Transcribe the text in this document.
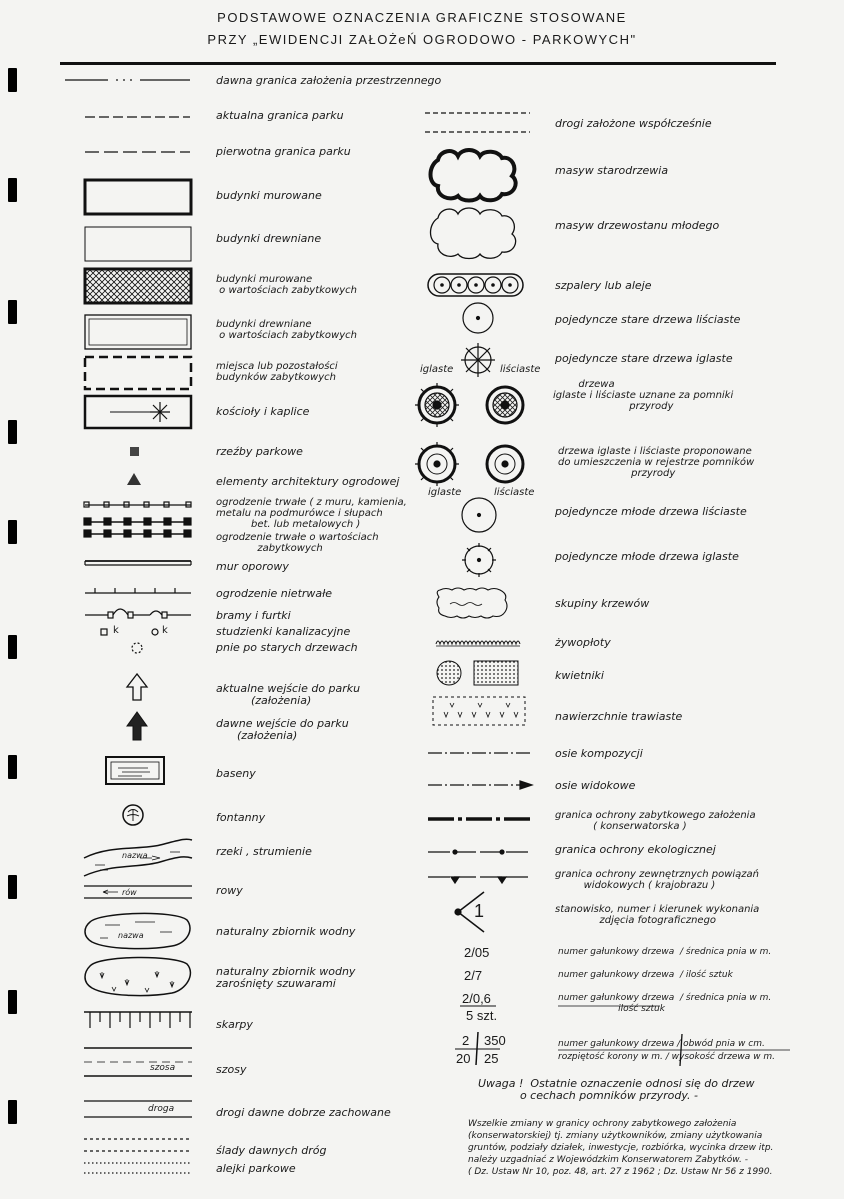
PODSTAWOWE OZNACZENIA GRAFICZNE STOSOWANE
PRZY „EWIDENCJI ZAŁOŻeŃ OGRODOWO - PARKOWYCH"
k	k
nazwa
rów
nazwa
szosa
droga
dawna granica założenia przestrzennego
aktualna granica parku
pierwotna granica parku
budynki murowane
budynki drewniane
budynki murowane
o wartościach zabytkowych
budynki drewniane
o wartościach zabytkowych
miejsca lub pozostałości
budynków zabytkowych
kościoły i kaplice
rzeźby parkowe
elementy architektury ogrodowej
ogrodzenie trwałe ( z muru, kamienia,
metalu na podmurówce i słupach
bet. lub metalowych )
ogrodzenie trwałe o wartościach
zabytkowych
mur oporowy
ogrodzenie nietrwałe
bramy i furtki
studzienki kanalizacyjne
pnie po starych drzewach
aktualne wejście do parku
(założenia)
dawne wejście do parku
(założenia)
baseny
fontanny
rzeki , strumienie
rowy
naturalny zbiornik wodny
naturalny zbiornik wodny
zarośnięty szuwarami
skarpy
szosy
drogi dawne dobrze zachowane
ślady dawnych dróg
alejki parkowe
iglaste	liściaste
iglaste	liściaste
1
2/05
2/7
2/0,6
5 szt.
2 350
20 25
drogi założone współcześnie
masyw starodrzewia
masyw drzewostanu młodego
szpalery lub aleje
pojedyncze stare drzewa liściaste
pojedyncze stare drzewa iglaste
drzewa
iglaste i liściaste uznane za pomniki
przyrody
drzewa iglaste i liściaste proponowane
do umieszczenia w rejestrze pomników
przyrody
pojedyncze młode drzewa liściaste
pojedyncze młode drzewa iglaste
skupiny krzewów
żywopłoty
kwietniki
nawierzchnie trawiaste
osie kompozycji
osie widokowe
granica ochrony zabytkowego założenia
( konserwatorska )
granica ochrony ekologicznej
granica ochrony zewnętrznych powiązań
widokowych ( krajobrazu )
stanowisko, numer i kierunek wykonania
zdjęcia fotograficznego
numer gałunkowy drzewa  / średnica pnia w m.
numer gałunkowy drzewa  / ilość sztuk
numer gałunkowy drzewa  / średnica pnia w m.
ilość sztuk
numer gałunkowy drzewa / obwód pnia w cm.
rozpiętość korony w m. / wysokość drzewa w m.
Uwaga !  Ostatnie oznaczenie odnosi się do drzew
o cechach pomników przyrody. -
Wszelkie zmiany w granicy ochrony zabytkowego założenia
(konserwatorskiej) tj. zmiany użytkowników, zmiany użytkowania
gruntów, podziały działek, inwestycje, rozbiórka, wycinka drzew itp.
należy uzgadniać z Wojewódzkim Konserwatorem Zabytków. -
( Dz. Ustaw Nr 10, poz. 48, art. 27 z 1962 ; Dz. Ustaw Nr 56 z 1990.
